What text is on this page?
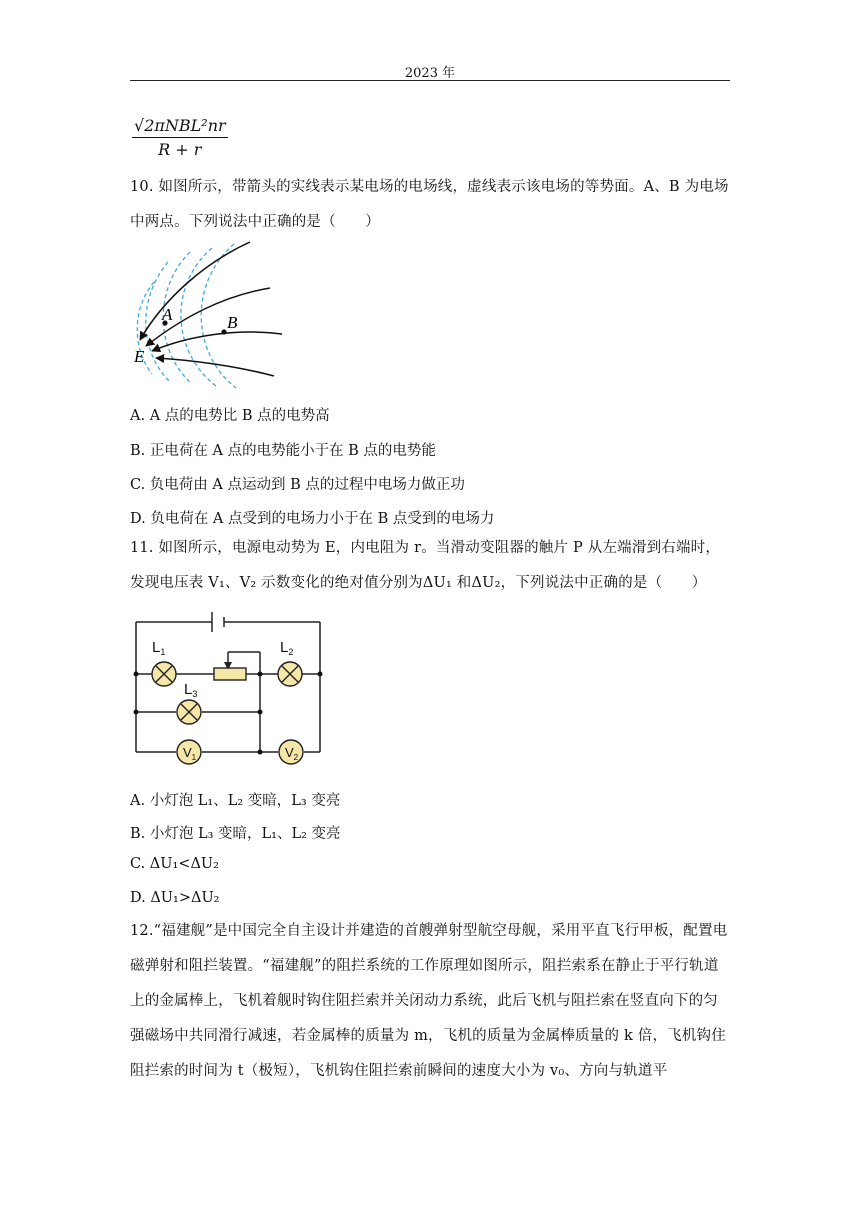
2023 年
√2πNBL²nr
R + r
10. 如图所示，带箭头的实线表示某电场的电场线，虚线表示该电场的等势面。A、B 为电场中两点。下列说法中正确的是（　　）
A	B
E
A. A 点的电势比 B 点的电势高
B. 正电荷在 A 点的电势能小于在 B 点的电势能
C. 负电荷由 A 点运动到 B 点的过程中电场力做正功
D. 负电荷在 A 点受到的电场力小于在 B 点受到的电场力
11. 如图所示，电源电动势为 E，内电阻为 r。当滑动变阻器的触片 P 从左端滑到右端时，发现电压表 V₁、V₂ 示数变化的绝对值分别为ΔU₁ 和ΔU₂，下列说法中正确的是（　　）
$L_1$	$L_2$
$L_3$
$V_1$	$V_2$
A. 小灯泡 L₁、L₂ 变暗，L₃ 变亮
B. 小灯泡 L₃ 变暗，L₁、L₂ 变亮
C. ΔU₁<ΔU₂
D. ΔU₁>ΔU₂
12.“福建舰”是中国完全自主设计并建造的首艘弹射型航空母舰，采用平直飞行甲板，配置电磁弹射和阻拦装置。“福建舰”的阻拦系统的工作原理如图所示，阻拦索系在静止于平行轨道上的金属棒上，飞机着舰时钩住阻拦索并关闭动力系统，此后飞机与阻拦索在竖直向下的匀强磁场中共同滑行减速，若金属棒的质量为 m，飞机的质量为金属棒质量的 k 倍，飞机钩住阻拦索的时间为 t（极短），飞机钩住阻拦索前瞬间的速度大小为 v₀、方向与轨道平
